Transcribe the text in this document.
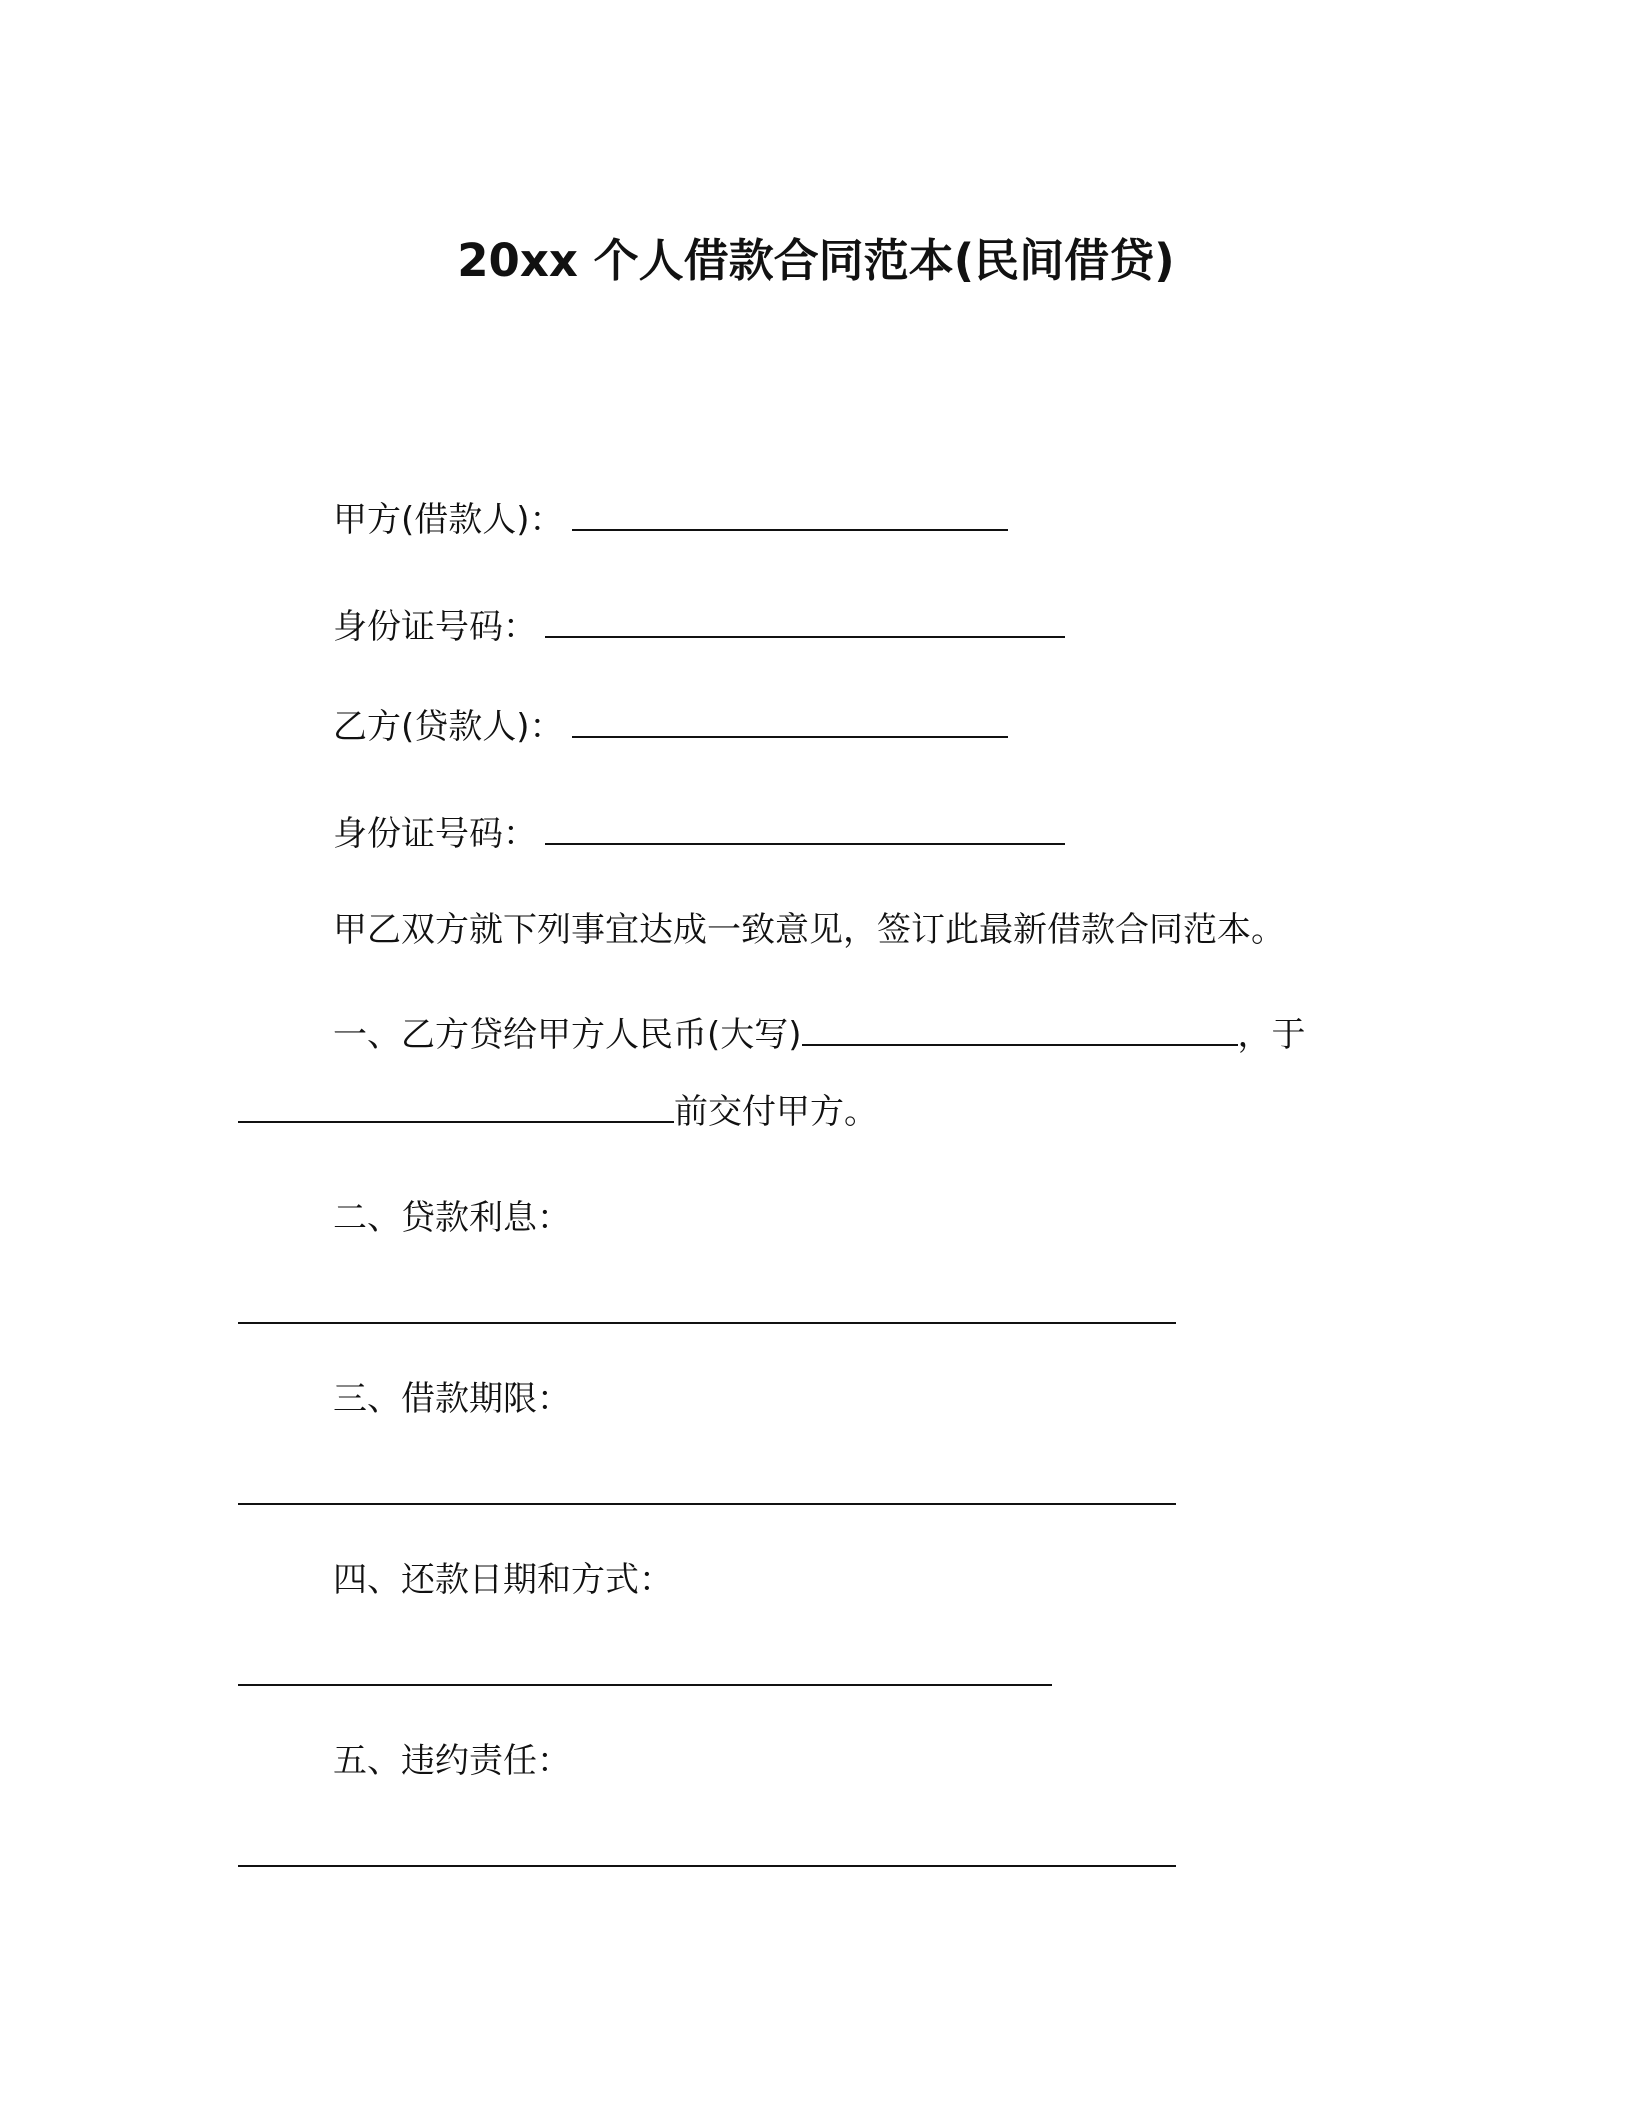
20xx 个人借款合同范本(民间借贷)
甲方(借款人)：
身份证号码：
乙方(贷款人)：
身份证号码：
甲乙双方就下列事宜达成一致意见，签订此最新借款合同范本。
一、乙方贷给甲方人民币(大写)	，于
前交付甲方。
二、贷款利息：
三、借款期限：
四、还款日期和方式：
五、违约责任：
